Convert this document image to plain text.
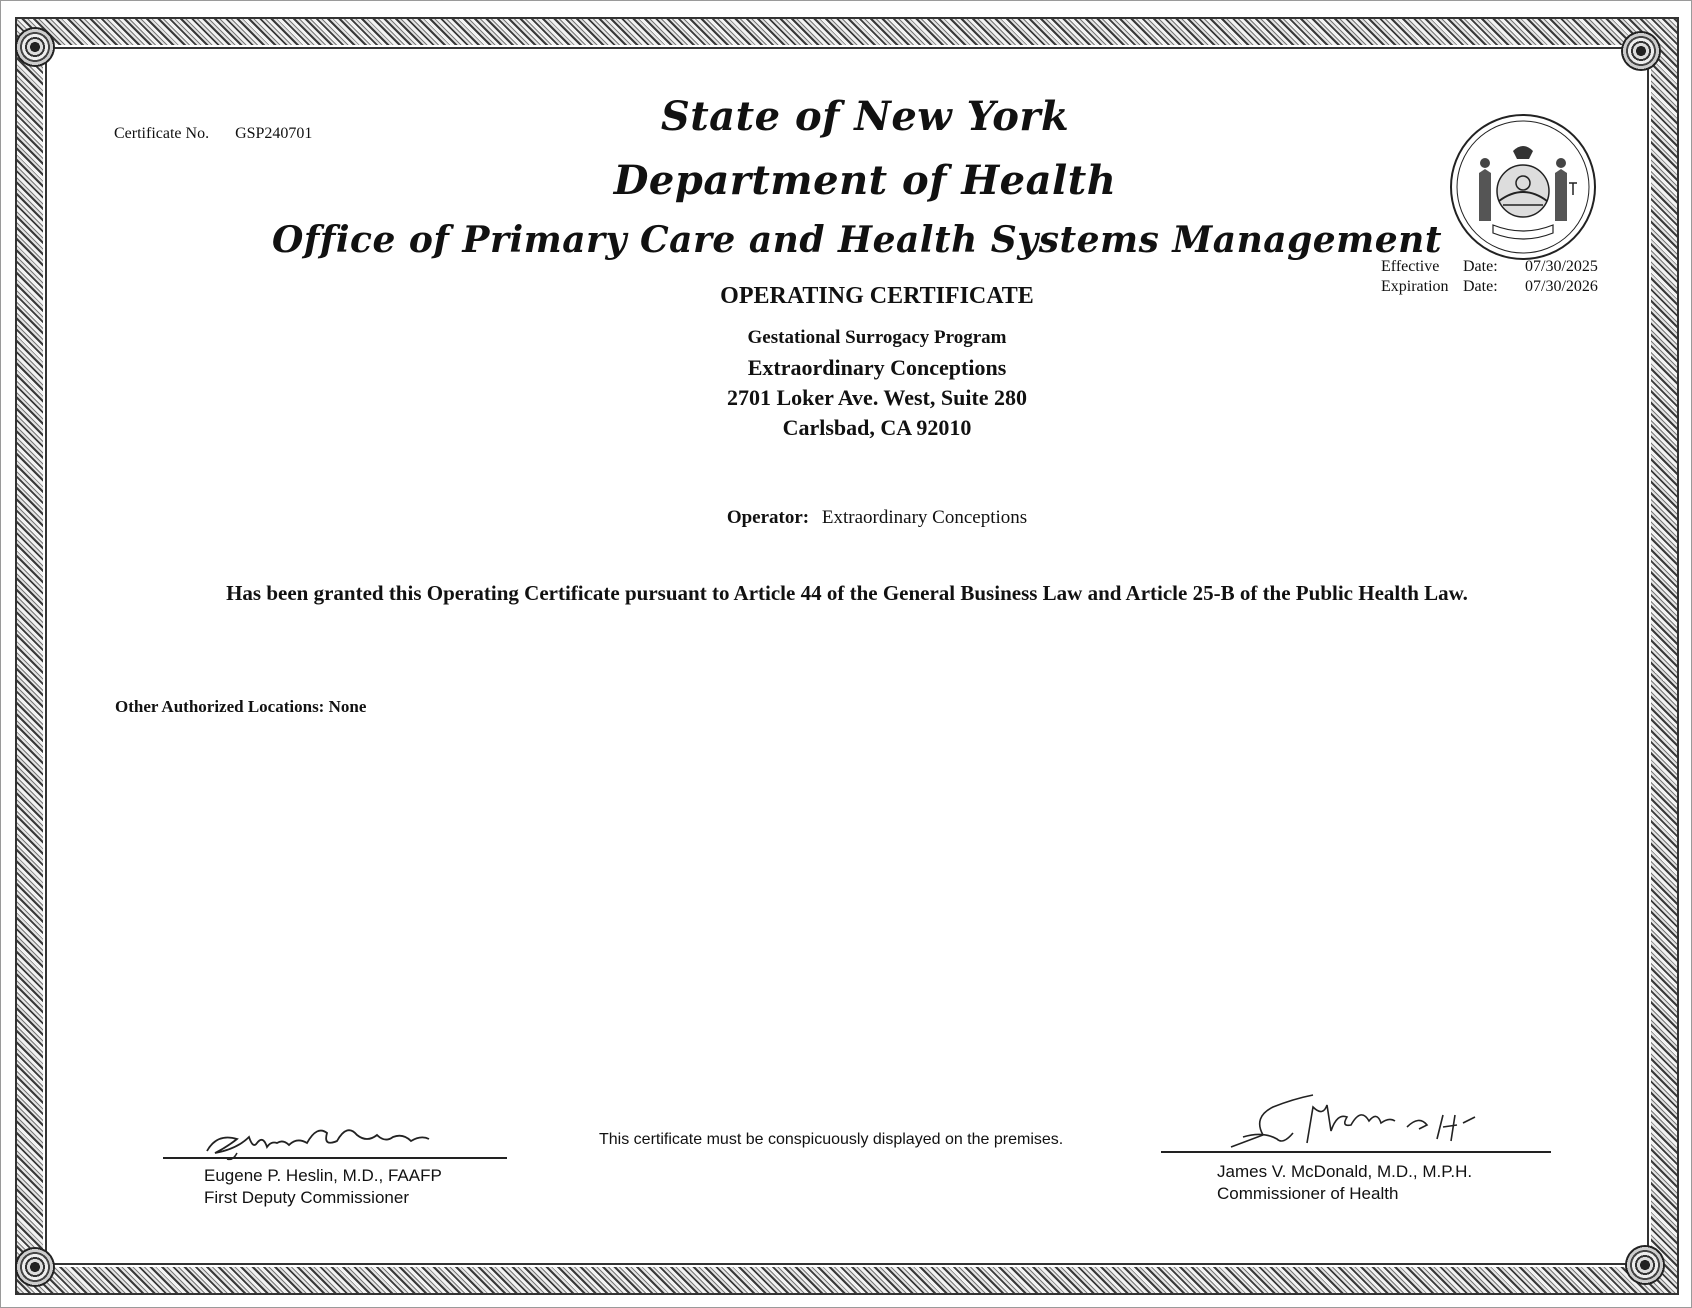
Certificate No. GSP240701	State of New York
Department of Health
Office of Primary Care and Health Systems Management
Effective	Date:	07/30/2025
Expiration Date:	07/30/2026
OPERATING CERTIFICATE
Gestational Surrogacy Program
Extraordinary Conceptions
2701 Loker Ave. West, Suite 280
Carlsbad, CA 92010
Operator: Extraordinary Conceptions
Has been granted this Operating Certificate pursuant to Article 44 of the General Business Law and Article 25-B of the Public Health Law.
Other Authorized Locations: None
Eugene P. Heslin, M.D., FAAFP
First Deputy Commissioner
This certificate must be conspicuously displayed on the premises.
James V. McDonald, M.D., M.P.H.
Commissioner of Health
